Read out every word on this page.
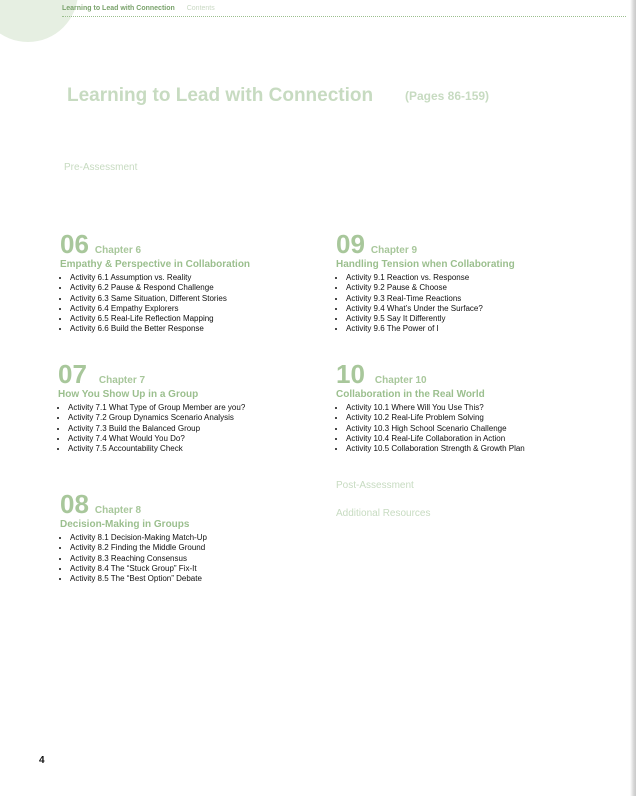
Learning to Lead with Connection Contents
Learning to Lead with Connection	(Pages 86-159)
Pre-Assessment
06 Chapter 6
Empathy & Perspective in Collaboration
• Activity 6.1 Assumption vs. Reality
• Activity 6.2 Pause & Respond Challenge
• Activity 6.3 Same Situation, Different Stories
• Activity 6.4 Empathy Explorers
• Activity 6.5 Real-Life Reflection Mapping
• Activity 6.6 Build the Better Response
07 Chapter 7
How You Show Up in a Group
• Activity 7.1 What Type of Group Member are you?
• Activity 7.2 Group Dynamics Scenario Analysis
• Activity 7.3 Build the Balanced Group
• Activity 7.4 What Would You Do?
• Activity 7.5 Accountability Check
08 Chapter 8
Decision-Making in Groups
• Activity 8.1 Decision-Making Match-Up
• Activity 8.2 Finding the Middle Ground
• Activity 8.3 Reaching Consensus
• Activity 8.4 The “Stuck Group” Fix-It
• Activity 8.5 The “Best Option” Debate
09 Chapter 9
Handling Tension when Collaborating
• Activity 9.1 Reaction vs. Response
• Activity 9.2 Pause & Choose
• Activity 9.3 Real-Time Reactions
• Activity 9.4 What’s Under the Surface?
• Activity 9.5 Say It Differently
• Activity 9.6 The Power of I
10 Chapter 10
Collaboration in the Real World
• Activity 10.1 Where Will You Use This?
• Activity 10.2 Real-Life Problem Solving
• Activity 10.3 High School Scenario Challenge
• Activity 10.4 Real-Life Collaboration in Action
• Activity 10.5 Collaboration Strength & Growth Plan
Post-Assessment
Additional Resources
4
